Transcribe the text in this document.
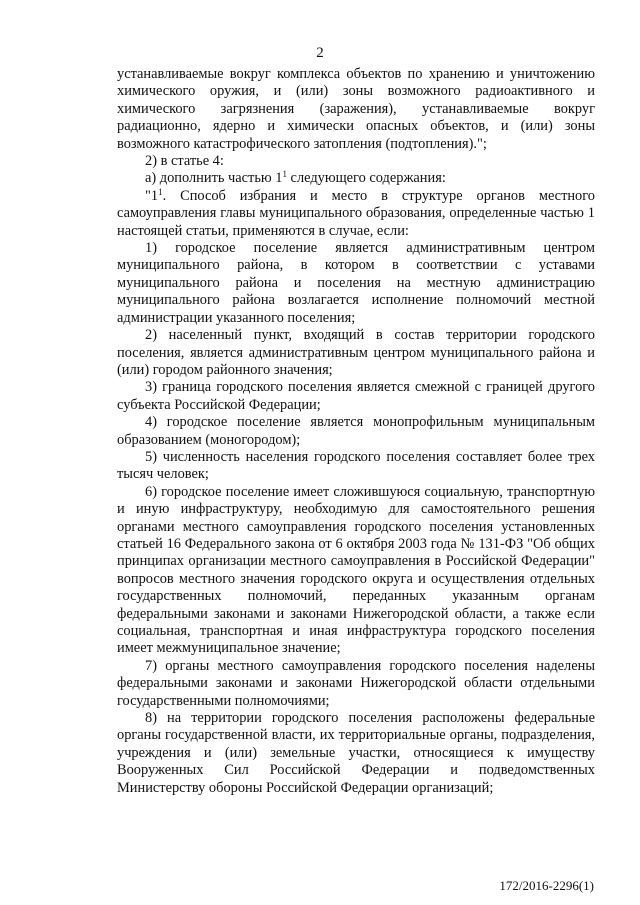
2

устанавливаемые вокруг комплекса объектов по хранению и уничтожению химического оружия, и (или) зоны возможного радиоактивного и химического загрязнения (заражения), устанавливаемые вокруг радиационно, ядерно и химически опасных объектов, и (или) зоны возможного катастрофического затопления (подтопления).";

2) в статье 4:

а) дополнить частью $1^1$ следующего содержания:

"$1^1$. Способ избрания и место в структуре органов местного самоуправления главы муниципального образования, определенные частью 1 настоящей статьи, применяются в случае, если:

1) городское поселение является административным центром муниципального района, в котором в соответствии с уставами муниципального района и поселения на местную администрацию муниципального района возлагается исполнение полномочий местной администрации указанного поселения;

2) населенный пункт, входящий в состав территории городского поселения, является административным центром муниципального района и (или) городом районного значения;

3) граница городского поселения является смежной с границей другого субъекта Российской Федерации;

4) городское поселение является монопрофильным муниципальным образованием (моногородом);

5) численность населения городского поселения составляет более трех тысяч человек;

6) городское поселение имеет сложившуюся социальную, транспортную и иную инфраструктуру, необходимую для самостоятельного решения органами местного самоуправления городского поселения установленных статьей 16 Федерального закона от 6 октября 2003 года № 131-ФЗ "Об общих принципах организации местного самоуправления в Российской Федерации" вопросов местного значения городского округа и осуществления отдельных государственных полномочий, переданных указанным органам федеральными законами и законами Нижегородской области, а также если социальная, транспортная и иная инфраструктура городского поселения имеет межмуниципальное значение;

7) органы местного самоуправления городского поселения наделены федеральными законами и законами Нижегородской области отдельными государственными полномочиями;

8) на территории городского поселения расположены федеральные органы государственной власти, их территориальные органы, подразделения, учреждения и (или) земельные участки, относящиеся к имуществу Вооруженных Сил Российской Федерации и подведомственных Министерству обороны Российской Федерации организаций;

172/2016-2296(1)
